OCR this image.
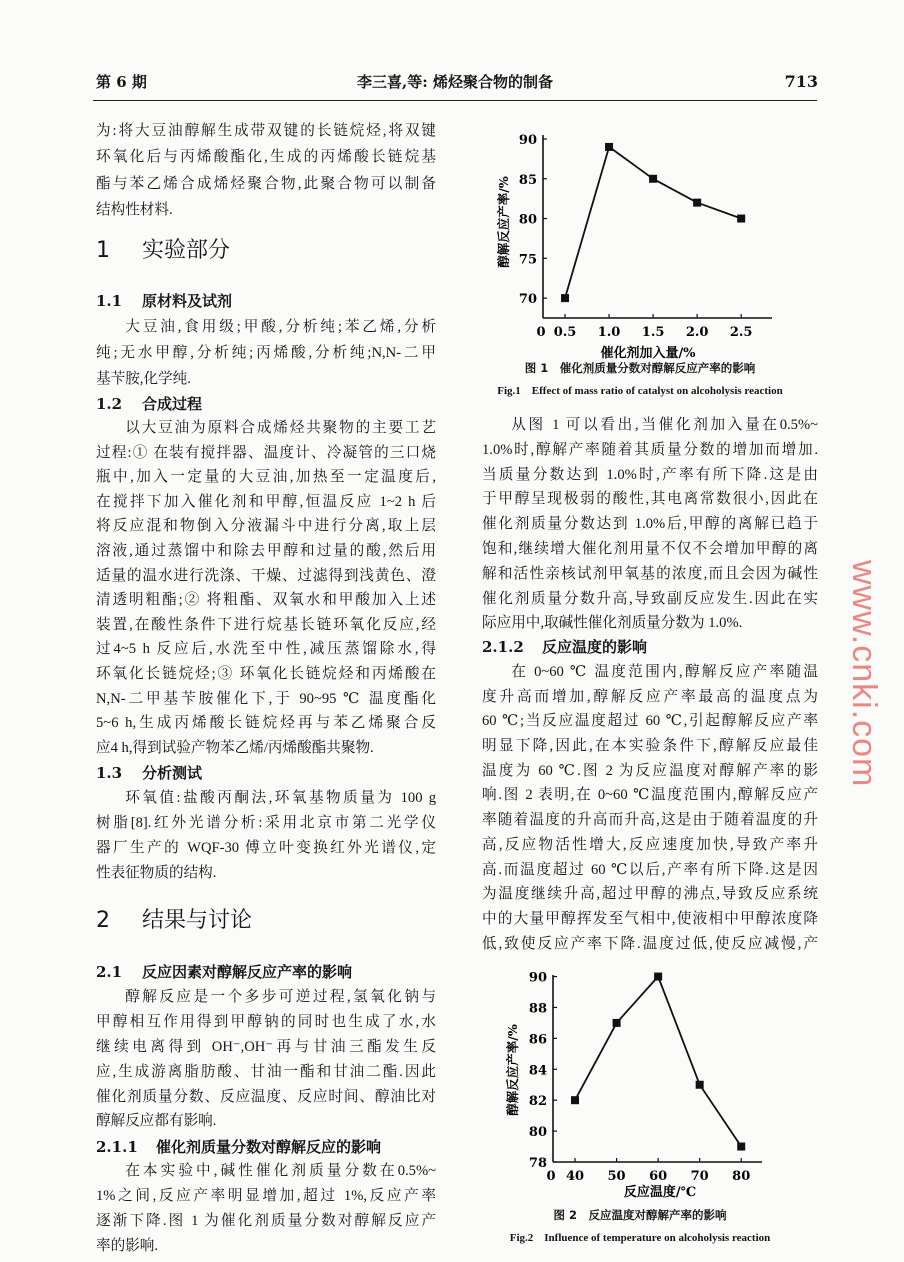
第 6 期	李三喜,等: 烯烃聚合物的制备	713
为:将大豆油醇解生成带双键的长链烷烃,将双键
环氧化后与丙烯酸酯化,生成的丙烯酸长链烷基
酯与苯乙烯合成烯烃聚合物,此聚合物可以制备
结构性材料.
1 实验部分
1.1 原材料及试剂
大豆油,食用级;甲酸,分析纯;苯乙烯,分析
纯;无水甲醇,分析纯;丙烯酸,分析纯;N,N-二甲
基苄胺,化学纯.
1.2 合成过程
以大豆油为原料合成烯烃共聚物的主要工艺
过程:① 在装有搅拌器、温度计、冷凝管的三口烧
瓶中,加入一定量的大豆油,加热至一定温度后,
在搅拌下加入催化剂和甲醇,恒温反应 1~2 h 后
将反应混和物倒入分液漏斗中进行分离,取上层
溶液,通过蒸馏中和除去甲醇和过量的酸,然后用
适量的温水进行洗涤、干燥、过滤得到浅黄色、澄
清透明粗酯;② 将粗酯、双氧水和甲酸加入上述
装置,在酸性条件下进行烷基长链环氧化反应,经
过4~5 h 反应后,水洗至中性,减压蒸馏除水,得
环氧化长链烷烃;③ 环氧化长链烷烃和丙烯酸在
N,N-二甲基苄胺催化下,于 90~95 ℃ 温度酯化
5~6 h,生成丙烯酸长链烷烃再与苯乙烯聚合反
应4 h,得到试验产物苯乙烯/丙烯酸酯共聚物.
1.3 分析测试
环氧值:盐酸丙酮法,环氧基物质量为 100 g
树脂[8].红外光谱分析:采用北京市第二光学仪
器厂生产的 WQF-30 傅立叶变换红外光谱仪,定
性表征物质的结构.
2 结果与讨论
2.1 反应因素对醇解反应产率的影响
醇解反应是一个多步可逆过程,氢氧化钠与
甲醇相互作用得到甲醇钠的同时也生成了水,水
继续电离得到 OH⁻,OH⁻再与甘油三酯发生反
应,生成游离脂肪酸、甘油一酯和甘油二酯.因此
催化剂质量分数、反应温度、反应时间、醇油比对
醇解反应都有影响.
2.1.1 催化剂质量分数对醇解反应的影响
在本实验中,碱性催化剂质量分数在0.5%~
1%之间,反应产率明显增加,超过 1%,反应产率
逐渐下降.图 1 为催化剂质量分数对醇解反应产
率的影响.
70
75
80
85
90
0.5 1.0 1.5 2.0 2.5
0
催化剂加入量/%
醇解反应产率/%
78
80
82
84
86
88
90
40 50 60 70 80
0
反应温度/℃
醇解反应产率/%
图 1　催化剂质量分数对醇解反应产率的影响
Fig.1　Effect of mass ratio of catalyst on alcoholysis reaction
从图 1 可以看出,当催化剂加入量在0.5%~
1.0%时,醇解产率随着其质量分数的增加而增加.
当质量分数达到 1.0%时,产率有所下降.这是由
于甲醇呈现极弱的酸性,其电离常数很小,因此在
催化剂质量分数达到 1.0%后,甲醇的离解已趋于
饱和,继续增大催化剂用量不仅不会增加甲醇的离
解和活性亲核试剂甲氧基的浓度,而且会因为碱性
催化剂质量分数升高,导致副反应发生.因此在实
际应用中,取碱性催化剂质量分数为 1.0%.
2.1.2 反应温度的影响
在 0~60 ℃ 温度范围内,醇解反应产率随温
度升高而增加,醇解反应产率最高的温度点为
60 ℃;当反应温度超过 60 ℃,引起醇解反应产率
明显下降,因此,在本实验条件下,醇解反应最佳
温度为 60 ℃.图 2 为反应温度对醇解产率的影
响.图 2 表明,在 0~60 ℃温度范围内,醇解反应产
率随着温度的升高而升高,这是由于随着温度的升
高,反应物活性增大,反应速度加快,导致产率升
高.而温度超过 60 ℃以后,产率有所下降.这是因
为温度继续升高,超过甲醇的沸点,导致反应系统
中的大量甲醇挥发至气相中,使液相中甲醇浓度降
低,致使反应产率下降.温度过低,使反应减慢,产
图 2　反应温度对醇解产率的影响
Fig.2　Influence of temperature on alcoholysis reaction
www.cnki.com
